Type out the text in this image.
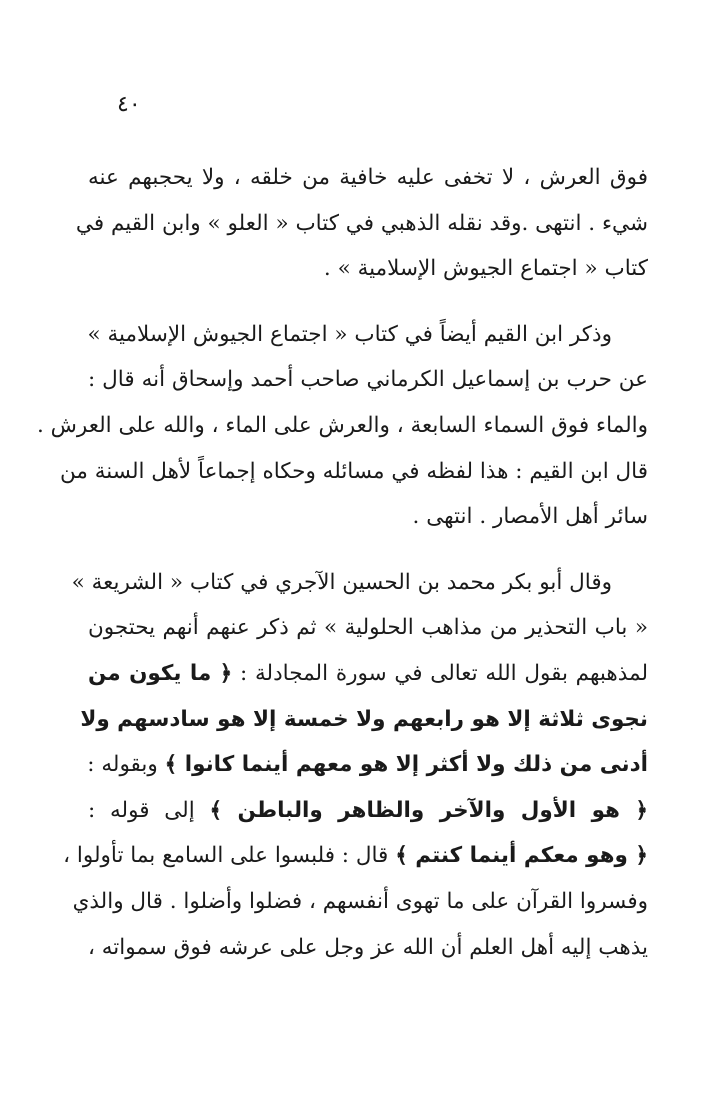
٤٠
فوق العرش ، لا تخفى عليه خافية من خلقه ، ولا يحجبهم عنه
شيء . انتهى .وقد نقله الذهبي في كتاب « العلو » وابن القيم في
كتاب « اجتماع الجيوش الإسلامية » .
وذكر ابن القيم أيضاً في كتاب « اجتماع الجيوش الإسلامية »
عن حرب بن إسماعيل الكرماني صاحب أحمد وإسحاق أنه قال :
والماء فوق السماء السابعة ، والعرش على الماء ، والله على العرش .
قال ابن القيم : هذا لفظه في مسائله وحكاه إجماعاً لأهل السنة من
سائر أهل الأمصار . انتهى .
وقال أبو بكر محمد بن الحسين الآجري في كتاب « الشريعة »
« باب التحذير من مذاهب الحلولية » ثم ذكر عنهم أنهم يحتجون
لمذهبهم بقول الله تعالى في سورة المجادلة : ﴿ ما يكون من
نجوى ثلاثة إلا هو رابعهم ولا خمسة إلا هو سادسهم ولا
أدنى من ذلك ولا أكثر إلا هو معهم أينما كانوا ﴾ وبقوله :
﴿ هو الأول والآخر والظاهر والباطن ﴾ إلى قوله :
﴿ وهو معكم أينما كنتم ﴾ قال : فلبسوا على السامع بما تأولوا ،
وفسروا القرآن على ما تهوى أنفسهم ، فضلوا وأضلوا . قال والذي
يذهب إليه أهل العلم أن الله عز وجل على عرشه فوق سمواته ،
